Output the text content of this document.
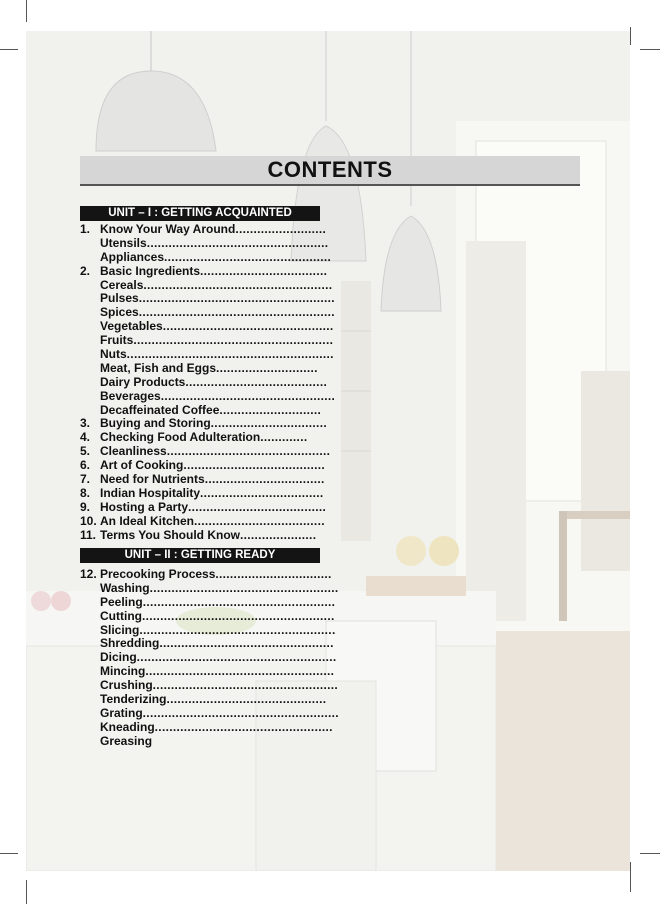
CONTENTS
UNIT – I : GETTING ACQUAINTED
1. Know Your Way Around.........................
Utensils..................................................
Appliances..............................................
2. Basic Ingredients...................................
Cereals....................................................
Pulses......................................................
Spices......................................................
Vegetables...............................................
Fruits.......................................................
Nuts.........................................................
Meat, Fish and Eggs............................
Dairy Products.......................................
Beverages................................................
Decaffeinated Coffee............................
3. Buying and Storing................................
4. Checking Food Adulteration.............
5. Cleanliness.............................................
6. Art of Cooking.......................................
7. Need for Nutrients.................................
8. Indian Hospitality..................................
9. Hosting a Party......................................
10. An Ideal Kitchen....................................
11. Terms You Should Know.....................
UNIT – II : GETTING READY
12. Precooking Process................................
Washing....................................................
Peeling.....................................................
Cutting.....................................................
Slicing......................................................
Shredding................................................
Dicing.......................................................
Mincing....................................................
Crushing...................................................
Tenderizing............................................
Grating......................................................
Kneading.................................................
Greasing
